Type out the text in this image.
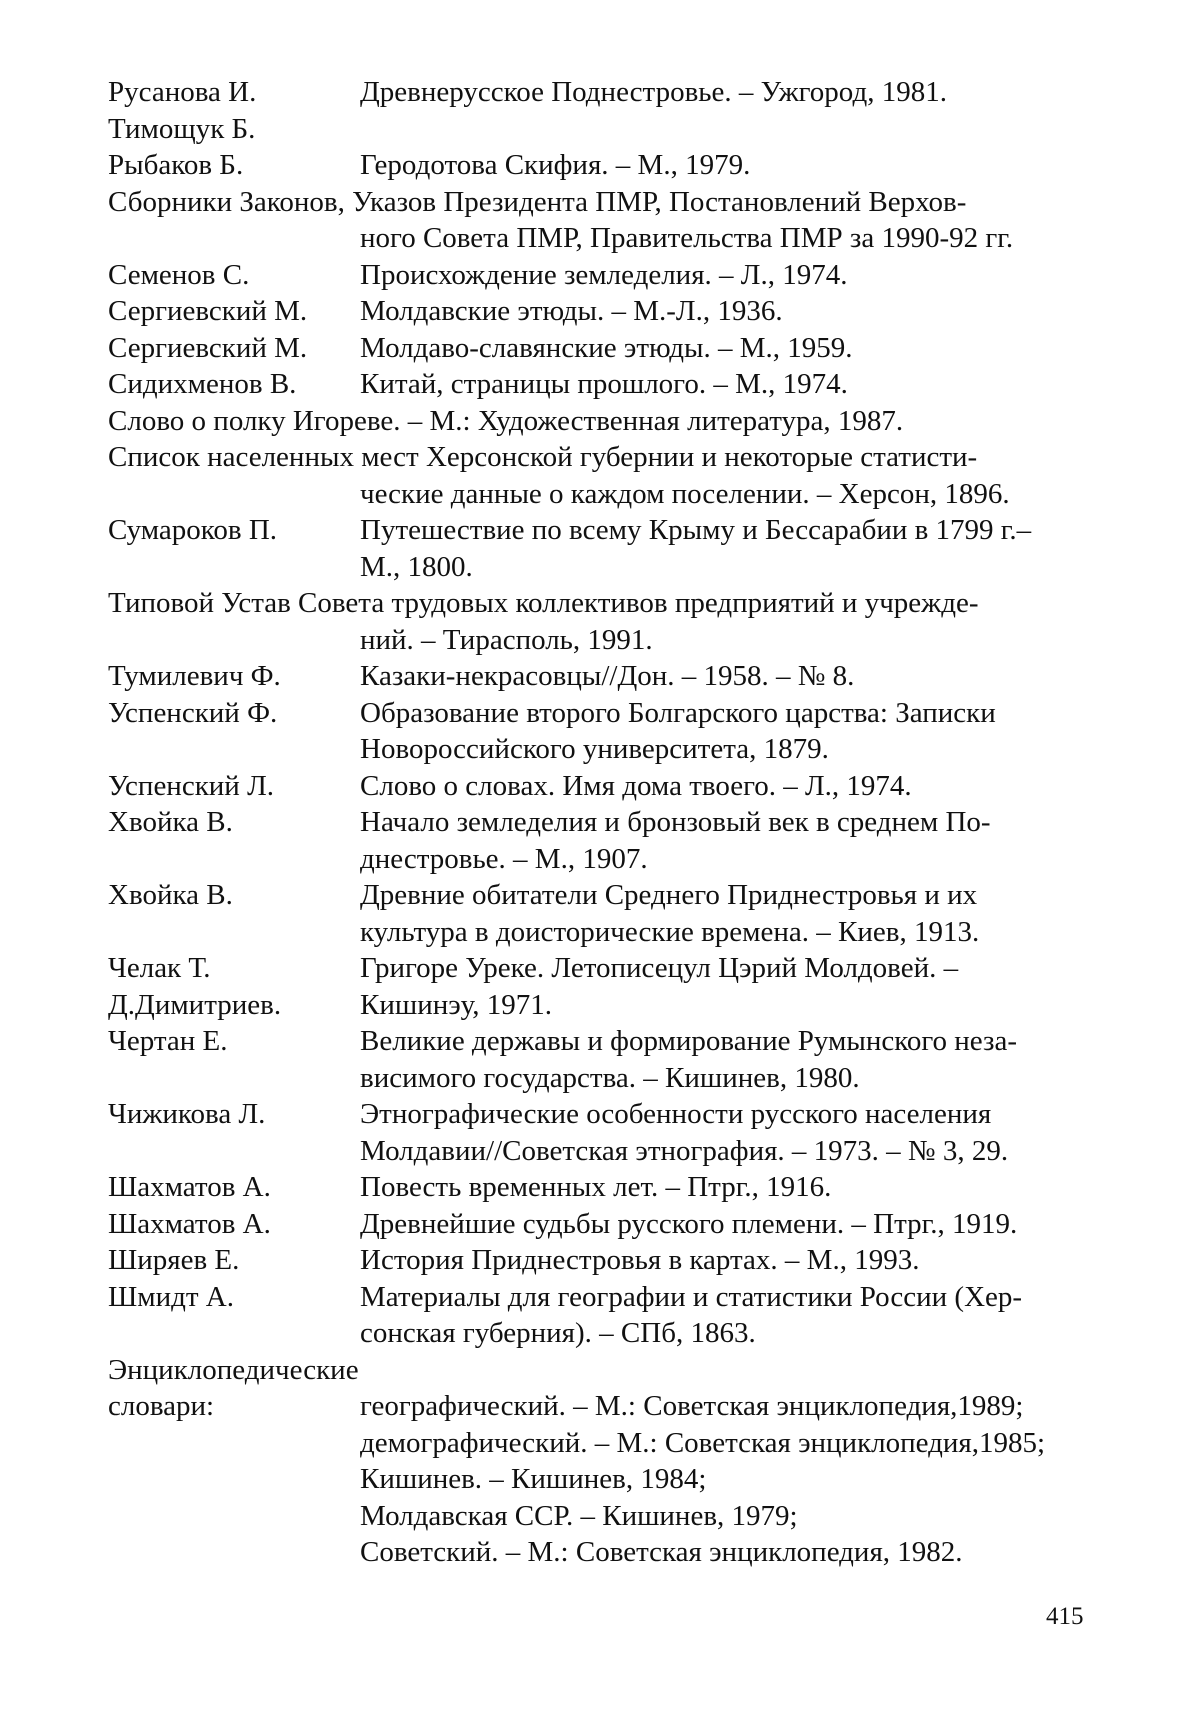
Русанова И.	Древнерусское Поднестровье. – Ужгород, 1981.
Тимощук Б.
Рыбаков Б.	Геродотова Скифия. – М., 1979.
Сборники Законов, Указов Президента ПМР, Постановлений Верхов-
ного Совета ПМР, Правительства ПМР за 1990-92 гг.
Семенов С.	Происхождение земледелия. – Л., 1974.
Сергиевский М.	Молдавские этюды. – М.-Л., 1936.
Сергиевский М.	Молдаво-славянские этюды. – М., 1959.
Сидихменов В.	Китай, страницы прошлого. – М., 1974.
Слово о полку Игореве. – М.: Художественная литература, 1987.
Список населенных мест Херсонской губернии и некоторые статисти-
ческие данные о каждом поселении. – Херсон, 1896.
Сумароков П.	Путешествие по всему Крыму и Бессарабии в 1799 г.–
М., 1800.
Типовой Устав Совета трудовых коллективов предприятий и учрежде-
ний. – Тирасполь, 1991.
Тумилевич Ф.	Казаки-некрасовцы//Дон. – 1958. – № 8.
Успенский Ф.	Образование второго Болгарского царства: Записки
Новороссийского университета, 1879.
Успенский Л.	Слово о словах. Имя дома твоего. – Л., 1974.
Хвойка В.	Начало земледелия и бронзовый век в среднем По-
днестровье. – М., 1907.
Хвойка В.	Древние обитатели Среднего Приднестровья и их
культура в доисторические времена. – Киев, 1913.
Челак Т.	Григоре Уреке. Летописецул Цэрий Молдовей. –
Д.Димитриев.	Кишинэу, 1971.
Чертан Е.	Великие державы и формирование Румынского неза-
висимого государства. – Кишинев, 1980.
Чижикова Л.	Этнографические особенности русского населения
Молдавии//Советская этнография. – 1973. – № 3, 29.
Шахматов А.	Повесть временных лет. – Птрг., 1916.
Шахматов А.	Древнейшие судьбы русского племени. – Птрг., 1919.
Ширяев Е.	История Приднестровья в картах. – М., 1993.
Шмидт А.	Материалы для географии и статистики России (Хер-
сонская губерния). – СПб, 1863.
Энциклопедические
словари:	географический. – М.: Советская энциклопедия,1989;
демографический. – М.: Советская энциклопедия,1985;
Кишинев. – Кишинев, 1984;
Молдавская ССР. – Кишинев, 1979;
Советский. – М.: Советская энциклопедия, 1982.
415
